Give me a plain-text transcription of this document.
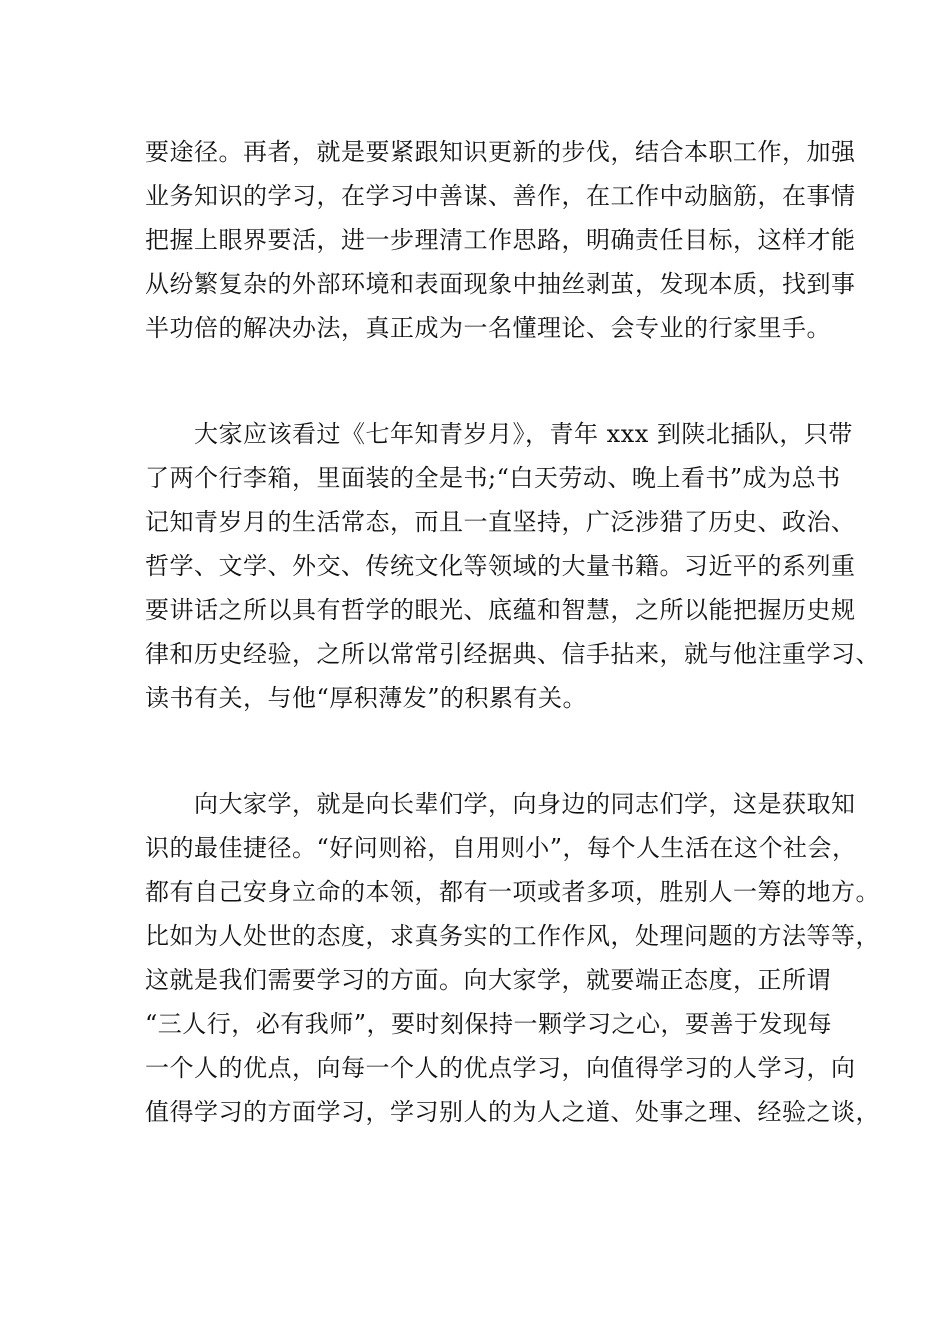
要途径。再者，就是要紧跟知识更新的步伐，结合本职工作，加强
业务知识的学习，在学习中善谋、善作，在工作中动脑筋，在事情
把握上眼界要活，进一步理清工作思路，明确责任目标，这样才能
从纷繁复杂的外部环境和表面现象中抽丝剥茧，发现本质，找到事
半功倍的解决办法，真正成为一名懂理论、会专业的行家里手。
　　大家应该看过《七年知青岁月》，青年 xxx 到陕北插队，只带
了两个行李箱，里面装的全是书;“白天劳动、晚上看书”成为总书
记知青岁月的生活常态，而且一直坚持，广泛涉猎了历史、政治、
哲学、文学、外交、传统文化等领域的大量书籍。习近平的系列重
要讲话之所以具有哲学的眼光、底蕴和智慧，之所以能把握历史规
律和历史经验，之所以常常引经据典、信手拈来，就与他注重学习、
读书有关，与他“厚积薄发”的积累有关。
　　向大家学，就是向长辈们学，向身边的同志们学，这是获取知
识的最佳捷径。“好问则裕，自用则小”，每个人生活在这个社会，
都有自己安身立命的本领，都有一项或者多项，胜别人一筹的地方。
比如为人处世的态度，求真务实的工作作风，处理问题的方法等等，
这就是我们需要学习的方面。向大家学，就要端正态度，正所谓
“三人行，必有我师”，要时刻保持一颗学习之心，要善于发现每
一个人的优点，向每一个人的优点学习，向值得学习的人学习，向
值得学习的方面学习，学习别人的为人之道、处事之理、经验之谈，
